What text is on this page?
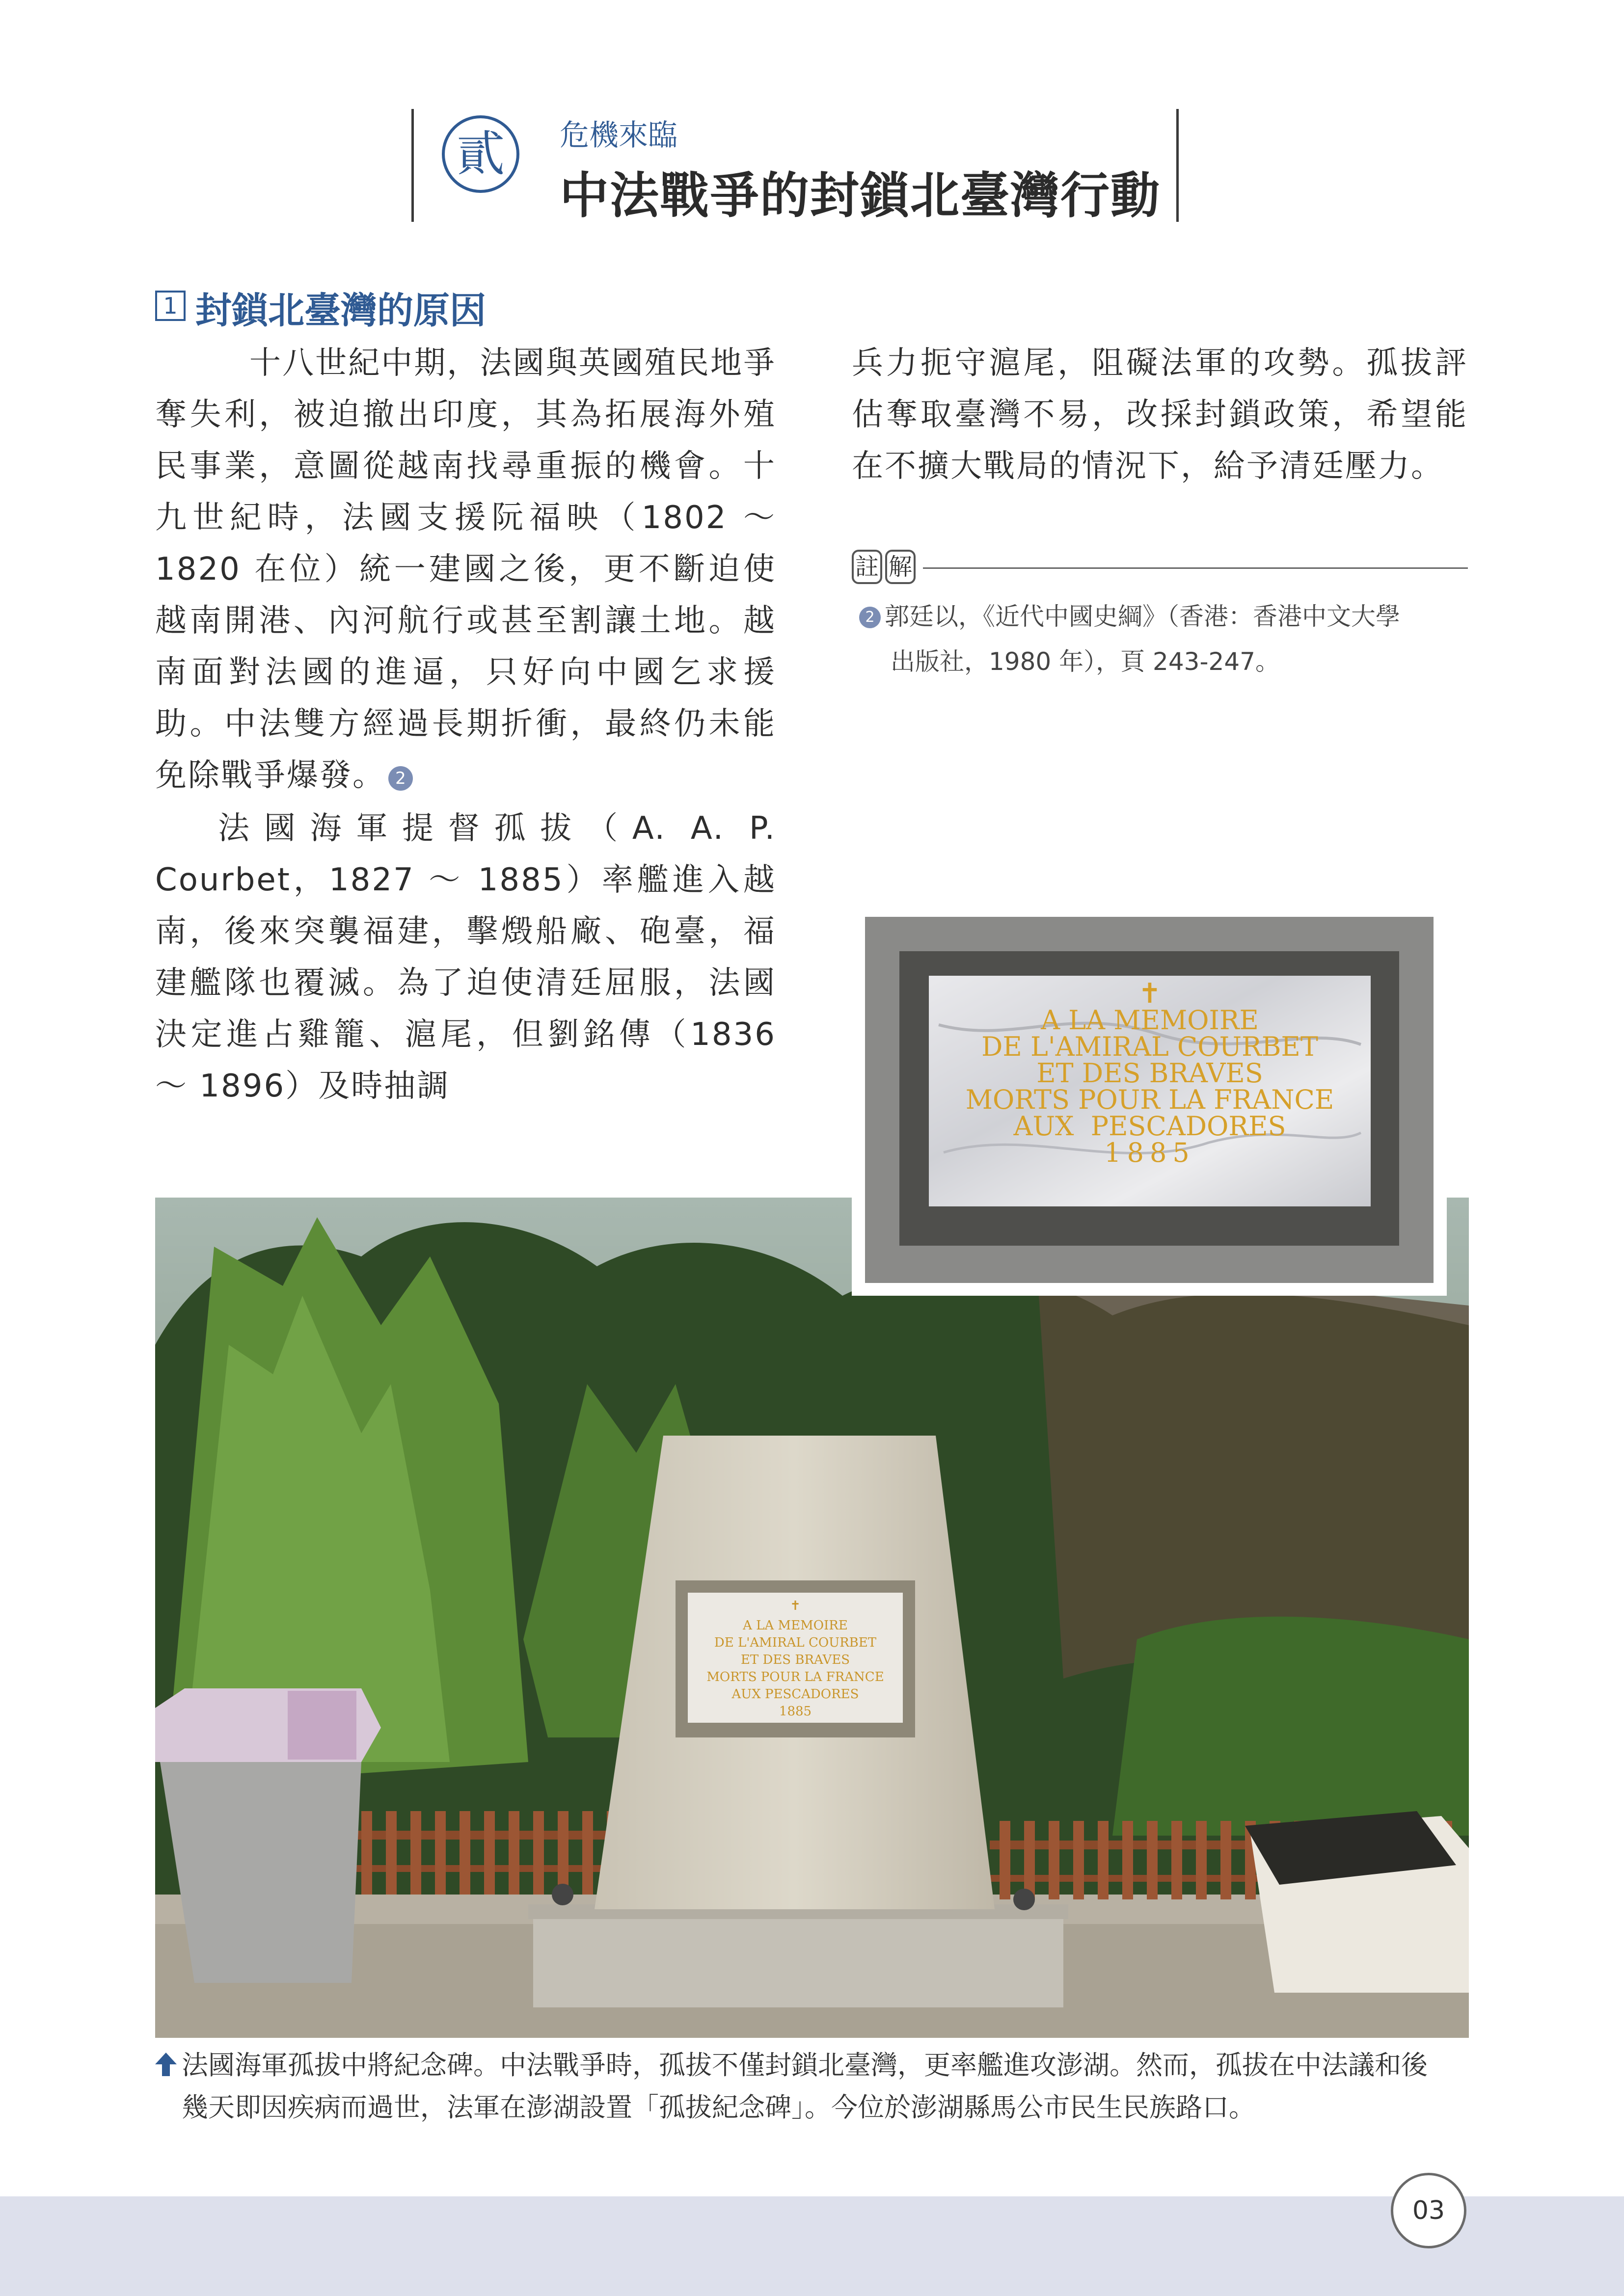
貳	危機來臨
中法戰爭的封鎖北臺灣行動
1 封鎖北臺灣的原因

十八世紀中期，法國與英國殖民地爭奪失利，被迫撤出印度，其為拓展海外殖民事業，意圖從越南找尋重振的機會。十九世紀時，法國支援阮福映（1802 ～ 1820 在位）統一建國之後，更不斷迫使越南開港、內河航行或甚至割讓土地。越南面對法國的進逼，只好向中國乞求援助。中法雙方經過長期折衝，最終仍未能免除戰爭爆發。 2

法國海軍提督孤拔（A. A. P. Courbet，1827 ～ 1885）率艦進入越南，後來突襲福建，擊燬船廠、砲臺，福建艦隊也覆滅。為了迫使清廷屈服，法國決定進占雞籠、滬尾，但劉銘傳（1836 ～ 1896）及時抽調

兵力扼守滬尾，阻礙法軍的攻勢。孤拔評估奪取臺灣不易，改採封鎖政策，希望能在不擴大戰局的情況下，給予清廷壓力。

註 解
2 郭廷以，《近代中國史綱》（香港：香港中文大學
出版社，1980 年），頁 243-247。
✝
A LA MEMOIRE
DE L'AMIRAL COURBET
ET DES BRAVES
MORTS POUR LA FRANCE
AUX PESCADORES
1885
✝
A LA MEMOIRE
DE L'AMIRAL COURBET
ET DES BRAVES
MORTS POUR LA FRANCE
AUX  PESCADORES
1885

法國海軍孤拔中將紀念碑。中法戰爭時，孤拔不僅封鎖北臺灣，更率艦進攻澎湖。然而，孤拔在中法議和後
幾天即因疾病而過世，法軍在澎湖設置「孤拔紀念碑」。今位於澎湖縣馬公市民生民族路口。

03
